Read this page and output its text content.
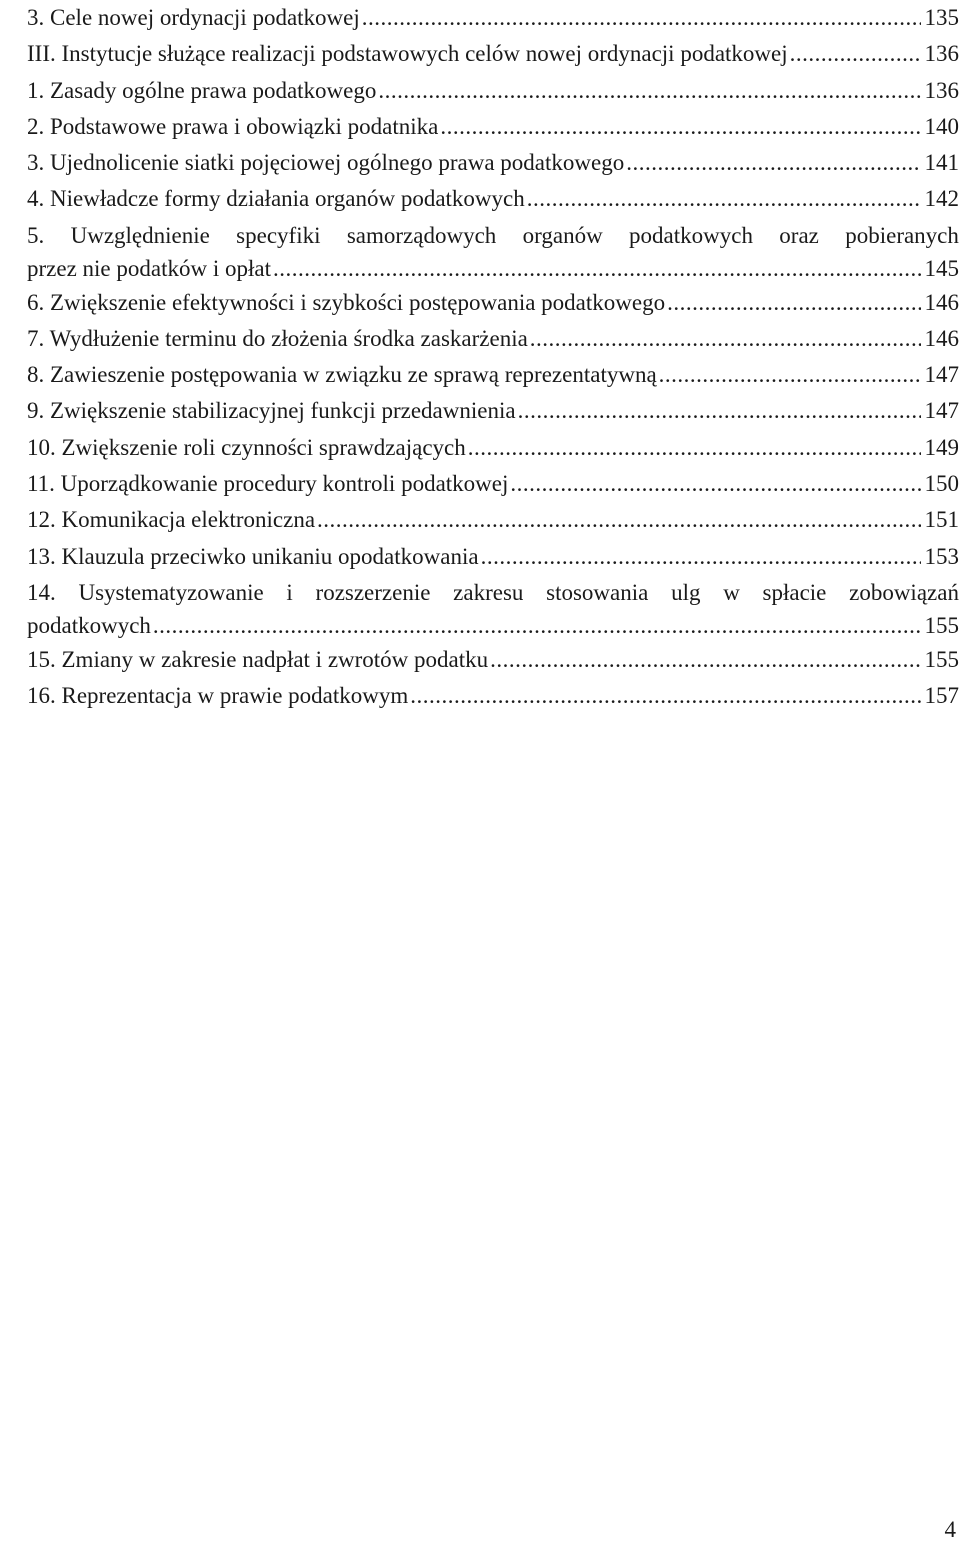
3. Cele nowej ordynacji podatkowej .....	135
III. Instytucje służące realizacji podstawowych celów nowej ordynacji podatkowej .....	136
1. Zasady ogólne prawa podatkowego .....	136
2. Podstawowe prawa i obowiązki podatnika .....	140
3. Ujednolicenie siatki pojęciowej ogólnego prawa podatkowego .....	141
4. Niewładcze formy działania organów podatkowych .....	142
5. Uwzględnienie specyfiki samorządowych organów podatkowych oraz pobieranych
przez nie podatków i opłat .....	145
6. Zwiększenie efektywności i szybkości postępowania podatkowego .....	146
7. Wydłużenie terminu do złożenia środka zaskarżenia .....	146
8. Zawieszenie postępowania w związku ze sprawą reprezentatywną .....	147
9. Zwiększenie stabilizacyjnej funkcji przedawnienia .....	147
10. Zwiększenie roli czynności sprawdzających .....	149
11. Uporządkowanie procedury kontroli podatkowej .....	150
12. Komunikacja elektroniczna .....	151
13. Klauzula przeciwko unikaniu opodatkowania .....	153
14. Usystematyzowanie i rozszerzenie zakresu stosowania ulg w spłacie zobowiązań
podatkowych .....	155
15. Zmiany w zakresie nadpłat i zwrotów podatku .....	155
16. Reprezentacja w prawie podatkowym .....	157
4
